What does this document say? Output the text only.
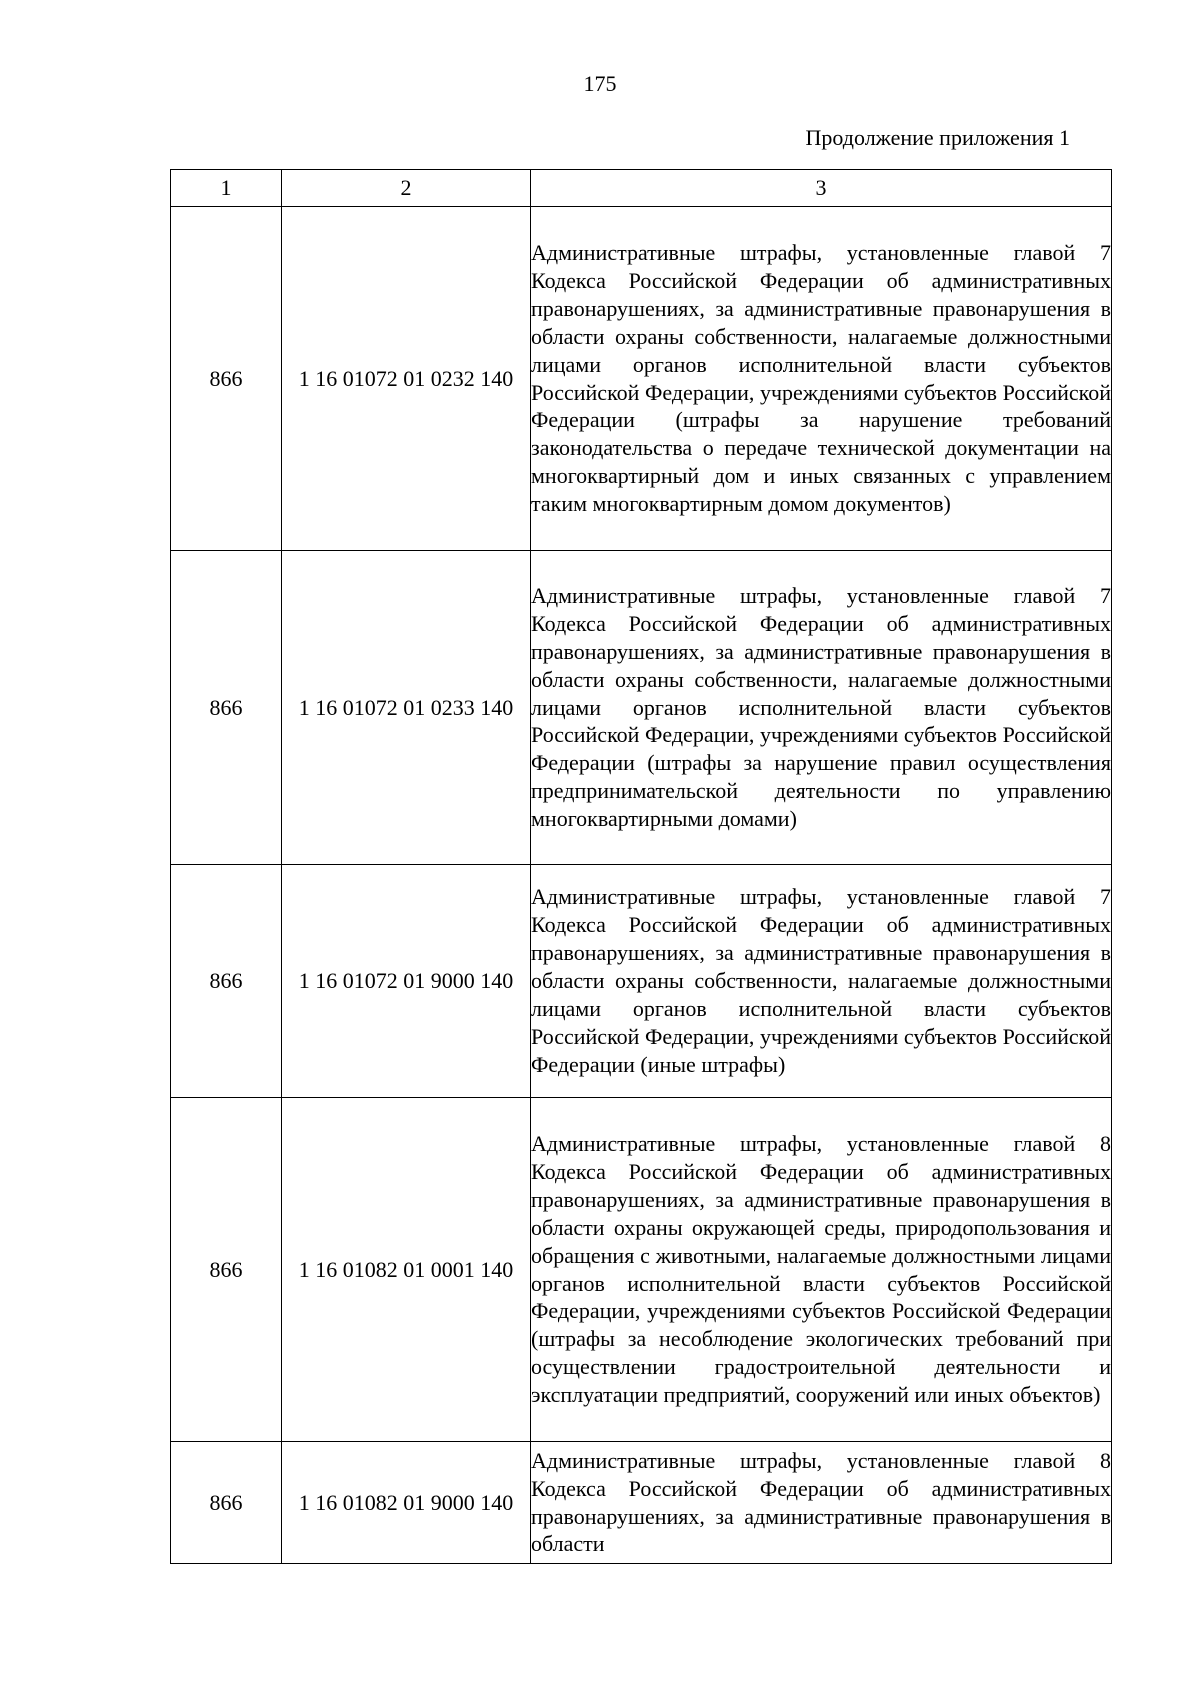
175
Продолжение приложения 1
1	2	3
866	1 16 01072 01 0232 140	Административные штрафы, установленные главой 7 Кодекса Российской Федерации об административных правонарушениях, за административные правонарушения в области охраны собственности, налагаемые должностными лицами органов исполнительной власти субъектов Российской Федерации, учреждениями субъектов Российской Федерации (штрафы за нарушение требований законодательства о передаче технической документации на многоквартирный дом и иных связанных с управлением таким многоквартирным домом документов)
866	1 16 01072 01 0233 140	Административные штрафы, установленные главой 7 Кодекса Российской Федерации об административных правонарушениях, за административные правонарушения в области охраны собственности, налагаемые должностными лицами органов исполнительной власти субъектов Российской Федерации, учреждениями субъектов Российской Федерации (штрафы за нарушение правил осуществления предпринимательской деятельности по управлению многоквартирными домами)
866	1 16 01072 01 9000 140	Административные штрафы, установленные главой 7 Кодекса Российской Федерации об административных правонарушениях, за административные правонарушения в области охраны собственности, налагаемые должностными лицами органов исполнительной власти субъектов Российской Федерации, учреждениями субъектов Российской Федерации (иные штрафы)
866	1 16 01082 01 0001 140	Административные штрафы, установленные главой 8 Кодекса Российской Федерации об административных правонарушениях, за административные правонарушения в области охраны окружающей среды, природопользования и обращения с животными, налагаемые должностными лицами органов исполнительной власти субъектов Российской Федерации, учреждениями субъектов Российской Федерации (штрафы за несоблюдение экологических требований при осуществлении градостроительной деятельности и эксплуатации предприятий, сооружений или иных объектов)
866	1 16 01082 01 9000 140	Административные штрафы, установленные главой 8 Кодекса Российской Федерации об административных правонарушениях, за административные правонарушения в области
